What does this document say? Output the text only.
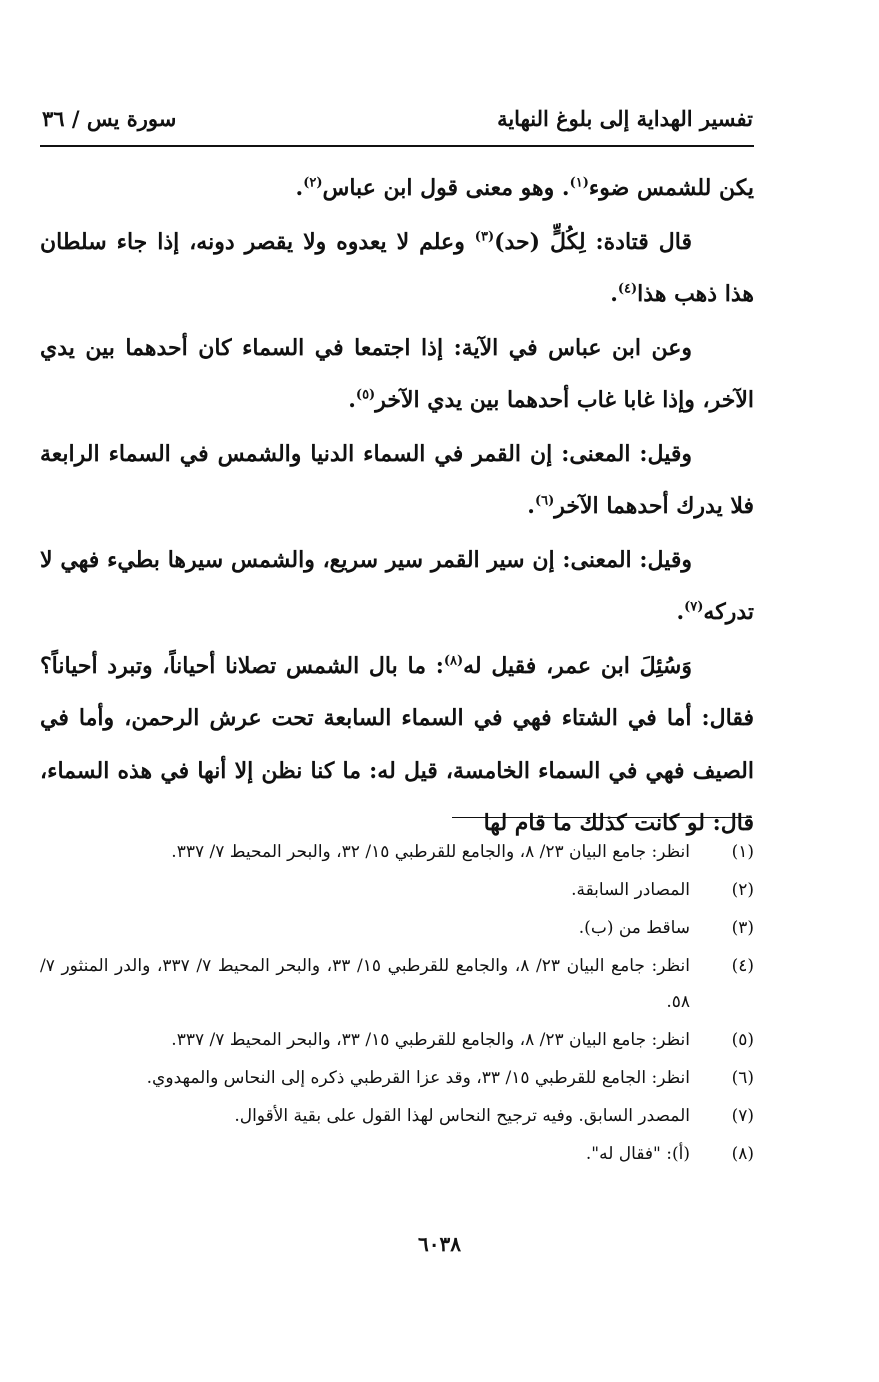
تفسير الهداية إلى بلوغ النهاية
سورة يس / ٣٦

يكن للشمس ضوء$^{(١)}$. وهو معنى قول ابن عباس$^{(٢)}$.

قال قتادة: لِكُلٍّ (حد)$^{(٣)}$ وعلم لا يعدوه ولا يقصر دونه، إذا جاء سلطان هذا ذهب هذا$^{(٤)}$.

وعن ابن عباس في الآية: إذا اجتمعا في السماء كان أحدهما بين يدي الآخر، وإذا غابا غاب أحدهما بين يدي الآخر$^{(٥)}$.

وقيل: المعنى: إن القمر في السماء الدنيا والشمس في السماء الرابعة فلا يدرك أحدهما الآخر$^{(٦)}$.

وقيل: المعنى: إن سير القمر سير سريع، والشمس سيرها بطيء فهي لا تدركه$^{(٧)}$.

وَسُئِلَ ابن عمر، فقيل له$^{(٨)}$: ما بال الشمس تصلانا أحياناً، وتبرد أحياناً؟ فقال: أما في الشتاء فهي في السماء السابعة تحت عرش الرحمن، وأما في الصيف فهي في السماء الخامسة، قيل له: ما كنا نظن إلا أنها في هذه السماء، قال: لو كانت كذلك ما قام لها

(١)
انظر: جامع البيان ٢٣/ ٨، والجامع للقرطبي ١٥/ ٣٢، والبحر المحيط ٧/ ٣٣٧.
(٢)
المصادر السابقة.
(٣)
ساقط من (ب).
(٤)
انظر: جامع البيان ٢٣/ ٨، والجامع للقرطبي ١٥/ ٣٣، والبحر المحيط ٧/ ٣٣٧، والدر المنثور ٧/ ٥٨.
(٥)
انظر: جامع البيان ٢٣/ ٨، والجامع للقرطبي ١٥/ ٣٣، والبحر المحيط ٧/ ٣٣٧.
(٦)
انظر: الجامع للقرطبي ١٥/ ٣٣، وقد عزا القرطبي ذكره إلى النحاس والمهدوي.
(٧)
المصدر السابق. وفيه ترجيح النحاس لهذا القول على بقية الأقوال.
(٨)
(أ): "فقال له".
٦٠٣٨
